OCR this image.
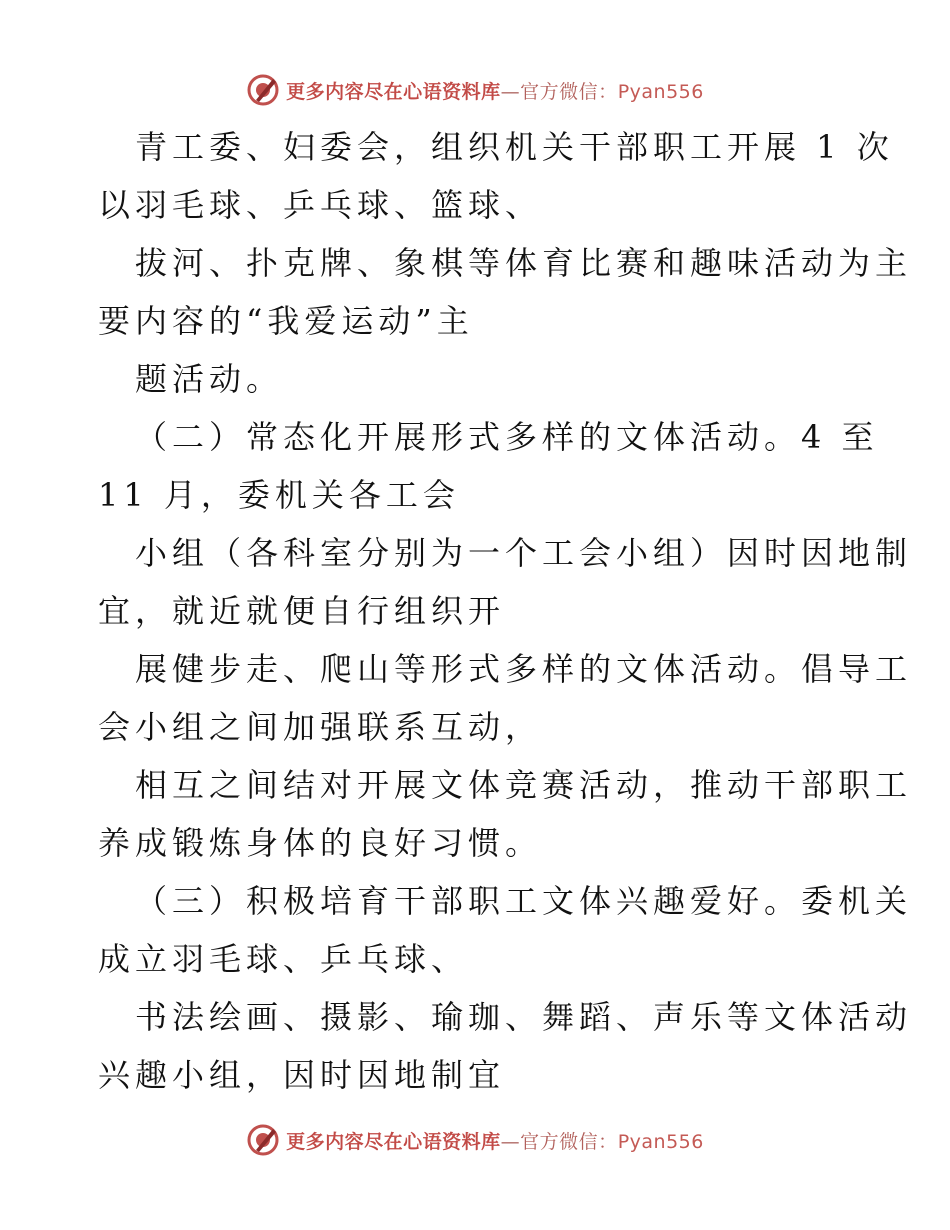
更多内容尽在心语资料库—官方微信：Pyan556
青工委、妇委会，组织机关干部职工开展 1 次
以羽毛球、乒乓球、篮球、
拔河、扑克牌、象棋等体育比赛和趣味活动为主
要内容的“我爱运动”主
题活动。
（二）常态化开展形式多样的文体活动。4 至
11 月，委机关各工会
小组（各科室分别为一个工会小组）因时因地制
宜，就近就便自行组织开
展健步走、爬山等形式多样的文体活动。倡导工
会小组之间加强联系互动，
相互之间结对开展文体竞赛活动，推动干部职工
养成锻炼身体的良好习惯。
（三）积极培育干部职工文体兴趣爱好。委机关
成立羽毛球、乒乓球、
书法绘画、摄影、瑜珈、舞蹈、声乐等文体活动
兴趣小组，因时因地制宜
更多内容尽在心语资料库—官方微信：Pyan556
